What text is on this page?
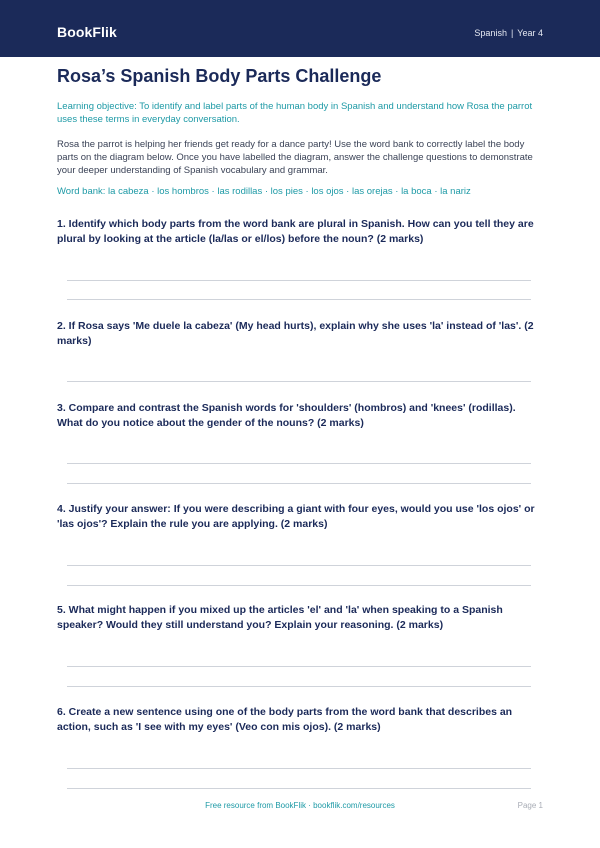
BookFlik	Spanish | Year 4
Rosa’s Spanish Body Parts Challenge

Learning objective: To identify and label parts of the human body in Spanish and understand how Rosa the parrot uses these terms in everyday conversation.

Rosa the parrot is helping her friends get ready for a dance party! Use the word bank to correctly label the body parts on the diagram below. Once you have labelled the diagram, answer the challenge questions to demonstrate your deeper understanding of Spanish vocabulary and grammar.

Word bank: la cabeza · los hombros · las rodillas · los pies · los ojos · las orejas · la boca · la nariz

1. Identify which body parts from the word bank are plural in Spanish. How can you tell they are plural by looking at the article (la/las or el/los) before the noun? (2 marks)

2. If Rosa says 'Me duele la cabeza' (My head hurts), explain why she uses 'la' instead of 'las'. (2 marks)

3. Compare and contrast the Spanish words for 'shoulders' (hombros) and 'knees' (rodillas). What do you notice about the gender of the nouns? (2 marks)

4. Justify your answer: If you were describing a giant with four eyes, would you use 'los ojos' or 'las ojos'? Explain the rule you are applying. (2 marks)

5. What might happen if you mixed up the articles 'el' and 'la' when speaking to a Spanish speaker? Would they still understand you? Explain your reasoning. (2 marks)

6. Create a new sentence using one of the body parts from the word bank that describes an action, such as 'I see with my eyes' (Veo con mis ojos). (2 marks)

Free resource from BookFlik · bookflik.com/resources	Page 1
